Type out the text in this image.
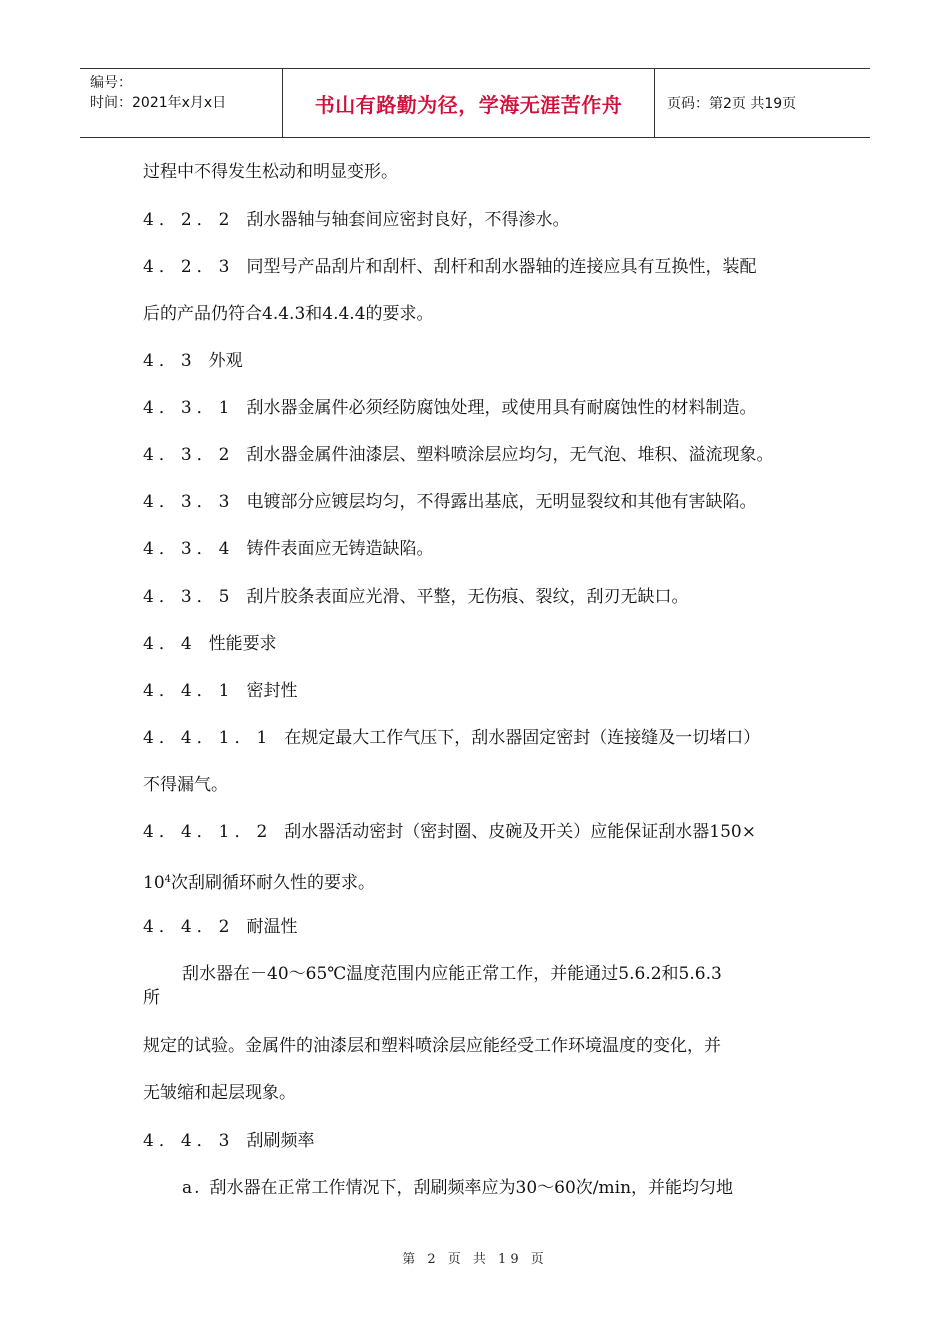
编号：
时间：2021年x月x日	书山有路勤为径，学海无涯苦作舟	页码：第2页 共19页
过程中不得发生松动和明显变形。
4．2．2 刮水器轴与轴套间应密封良好，不得渗水。
4．2．3 同型号产品刮片和刮杆、刮杆和刮水器轴的连接应具有互换性，装配
后的产品仍符合4.4.3和4.4.4的要求。
4．3 外观
4．3．1 刮水器金属件必须经防腐蚀处理，或使用具有耐腐蚀性的材料制造。
4．3．2 刮水器金属件油漆层、塑料喷涂层应均匀，无气泡、堆积、溢流现象。
4．3．3 电镀部分应镀层均匀，不得露出基底，无明显裂纹和其他有害缺陷。
4．3．4 铸件表面应无铸造缺陷。
4．3．5 刮片胶条表面应光滑、平整，无伤痕、裂纹，刮刃无缺口。
4．4 性能要求
4．4．1 密封性
4．4．1．1 在规定最大工作气压下，刮水器固定密封（连接缝及一切堵口）
不得漏气。
4．4．1．2 刮水器活动密封（密封圈、皮碗及开关）应能保证刮水器150×
$10^4$次刮刷循环耐久性的要求。
4．4．2 耐温性
刮水器在－40～65℃温度范围内应能正常工作，并能通过5.6.2和5.6.3
所
规定的试验。金属件的油漆层和塑料喷涂层应能经受工作环境温度的变化，并
无皱缩和起层现象。
4．4．3 刮刷频率
a. 刮水器在正常工作情况下，刮刷频率应为30～60次/min，并能均匀地
第 2 页 共 19 页
